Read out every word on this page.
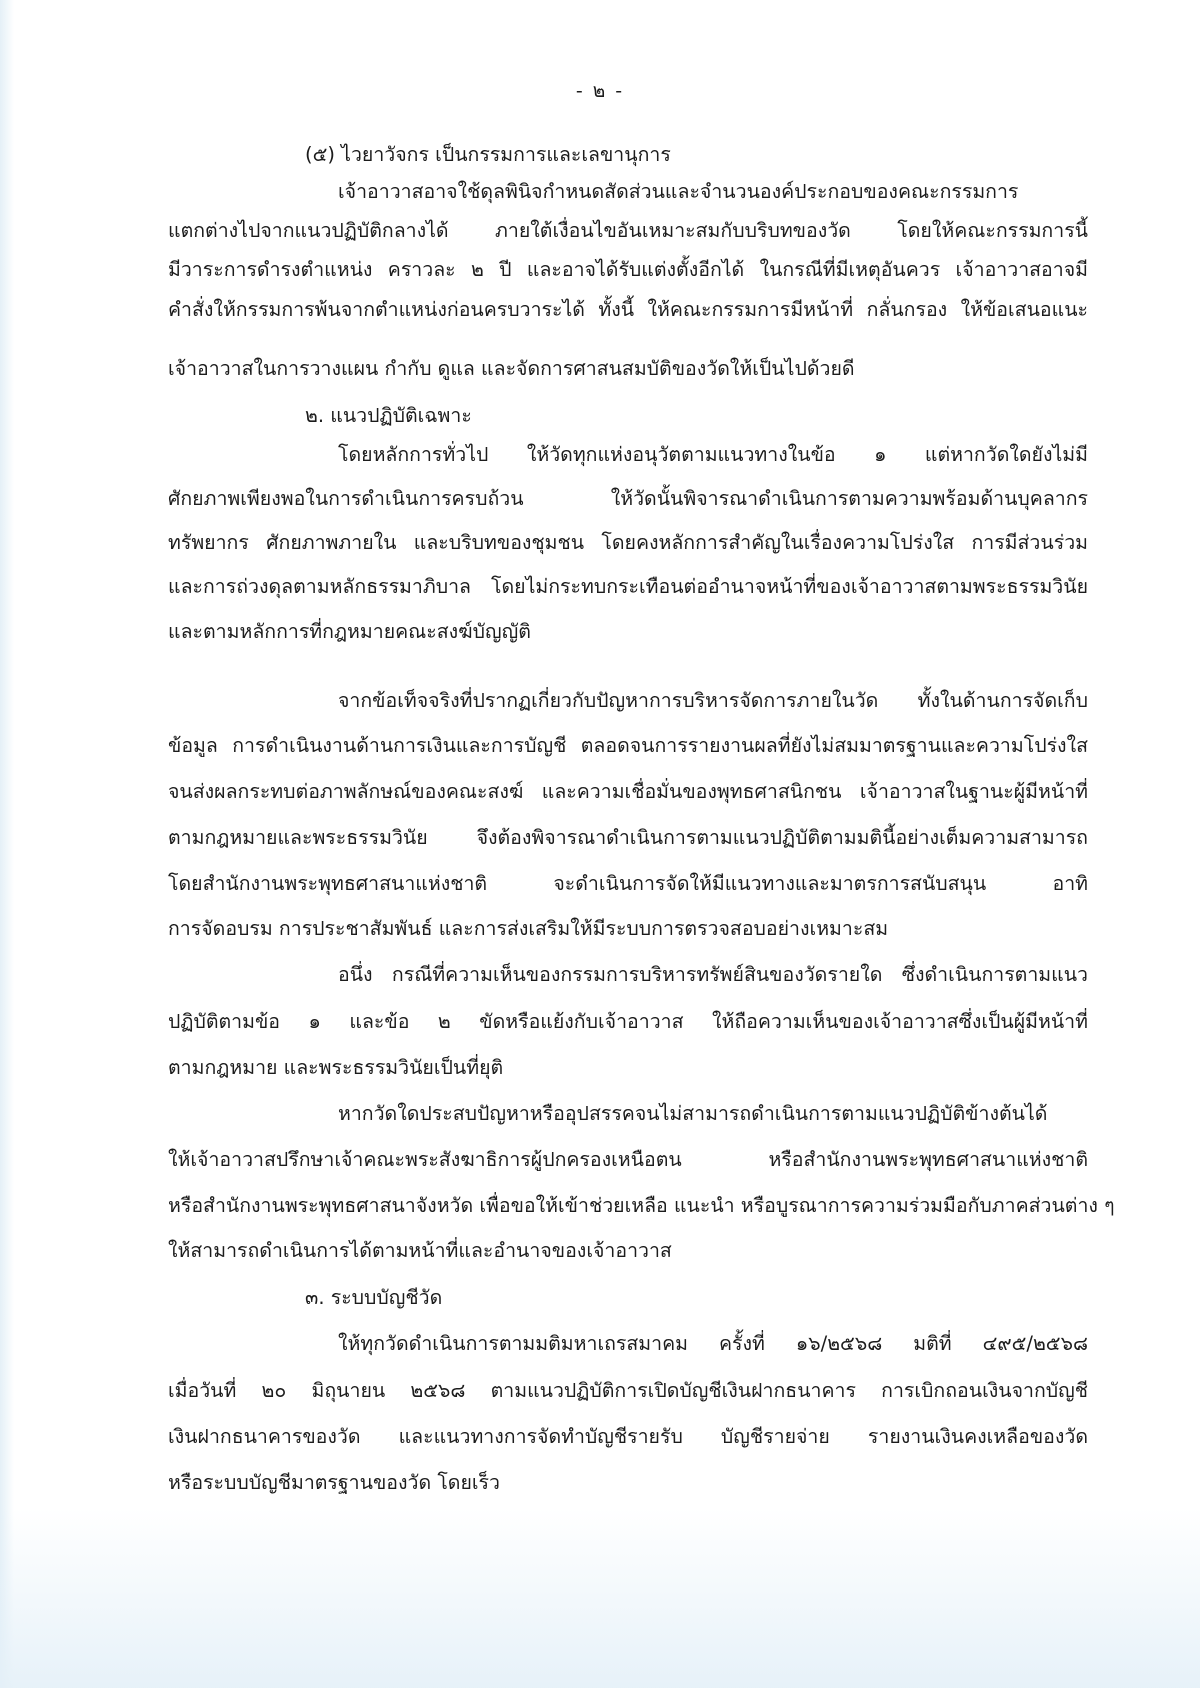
- ๒ -
(๕) ไวยาวัจกร เป็นกรรมการและเลขานุการ
เจ้าอาวาสอาจใช้ดุลพินิจกำหนดสัดส่วนและจำนวนองค์ประกอบของคณะกรรมการ
แตกต่างไปจากแนวปฏิบัติกลางได้ ภายใต้เงื่อนไขอันเหมาะสมกับบริบทของวัด โดยให้คณะกรรมการนี้
มีวาระการดำรงตำแหน่ง คราวละ ๒ ปี และอาจได้รับแต่งตั้งอีกได้ ในกรณีที่มีเหตุอันควร เจ้าอาวาสอาจมี
คำสั่งให้กรรมการพ้นจากตำแหน่งก่อนครบวาระได้ ทั้งนี้ ให้คณะกรรมการมีหน้าที่ กลั่นกรอง ให้ข้อเสนอแนะ
เจ้าอาวาสในการวางแผน กำกับ ดูแล และจัดการศาสนสมบัติของวัดให้เป็นไปด้วยดี
๒. แนวปฏิบัติเฉพาะ
โดยหลักการทั่วไป ให้วัดทุกแห่งอนุวัตตามแนวทางในข้อ ๑ แต่หากวัดใดยังไม่มี
ศักยภาพเพียงพอในการดำเนินการครบถ้วน ให้วัดนั้นพิจารณาดำเนินการตามความพร้อมด้านบุคลากร
ทรัพยากร ศักยภาพภายใน และบริบทของชุมชน โดยคงหลักการสำคัญในเรื่องความโปร่งใส การมีส่วนร่วม
และการถ่วงดุลตามหลักธรรมาภิบาล โดยไม่กระทบกระเทือนต่ออำนาจหน้าที่ของเจ้าอาวาสตามพระธรรมวินัย
และตามหลักการที่กฎหมายคณะสงฆ์บัญญัติ
จากข้อเท็จจริงที่ปรากฏเกี่ยวกับปัญหาการบริหารจัดการภายในวัด ทั้งในด้านการจัดเก็บ
ข้อมูล การดำเนินงานด้านการเงินและการบัญชี ตลอดจนการรายงานผลที่ยังไม่สมมาตรฐานและความโปร่งใส
จนส่งผลกระทบต่อภาพลักษณ์ของคณะสงฆ์ และความเชื่อมั่นของพุทธศาสนิกชน เจ้าอาวาสในฐานะผู้มีหน้าที่
ตามกฎหมายและพระธรรมวินัย จึงต้องพิจารณาดำเนินการตามแนวปฏิบัติตามมตินี้อย่างเต็มความสามารถ
โดยสำนักงานพระพุทธศาสนาแห่งชาติ จะดำเนินการจัดให้มีแนวทางและมาตรการสนับสนุน อาทิ
การจัดอบรม การประชาสัมพันธ์ และการส่งเสริมให้มีระบบการตรวจสอบอย่างเหมาะสม
อนึ่ง กรณีที่ความเห็นของกรรมการบริหารทรัพย์สินของวัดรายใด ซึ่งดำเนินการตามแนว
ปฏิบัติตามข้อ ๑ และข้อ ๒ ขัดหรือแย้งกับเจ้าอาวาส ให้ถือความเห็นของเจ้าอาวาสซึ่งเป็นผู้มีหน้าที่
ตามกฎหมาย และพระธรรมวินัยเป็นที่ยุติ
หากวัดใดประสบปัญหาหรืออุปสรรคจนไม่สามารถดำเนินการตามแนวปฏิบัติข้างต้นได้
ให้เจ้าอาวาสปรึกษาเจ้าคณะพระสังฆาธิการผู้ปกครองเหนือตน หรือสำนักงานพระพุทธศาสนาแห่งชาติ
หรือสำนักงานพระพุทธศาสนาจังหวัด เพื่อขอให้เข้าช่วยเหลือ แนะนำ หรือบูรณาการความร่วมมือกับภาคส่วนต่าง ๆ
ให้สามารถดำเนินการได้ตามหน้าที่และอำนาจของเจ้าอาวาส
๓. ระบบบัญชีวัด
ให้ทุกวัดดำเนินการตามมติมหาเถรสมาคม ครั้งที่ ๑๖/๒๕๖๘ มติที่ ๔๙๕/๒๕๖๘
เมื่อวันที่ ๒๐ มิถุนายน ๒๕๖๘ ตามแนวปฏิบัติการเปิดบัญชีเงินฝากธนาคาร การเบิกถอนเงินจากบัญชี
เงินฝากธนาคารของวัด และแนวทางการจัดทำบัญชีรายรับ บัญชีรายจ่าย รายงานเงินคงเหลือของวัด
หรือระบบบัญชีมาตรฐานของวัด โดยเร็ว
